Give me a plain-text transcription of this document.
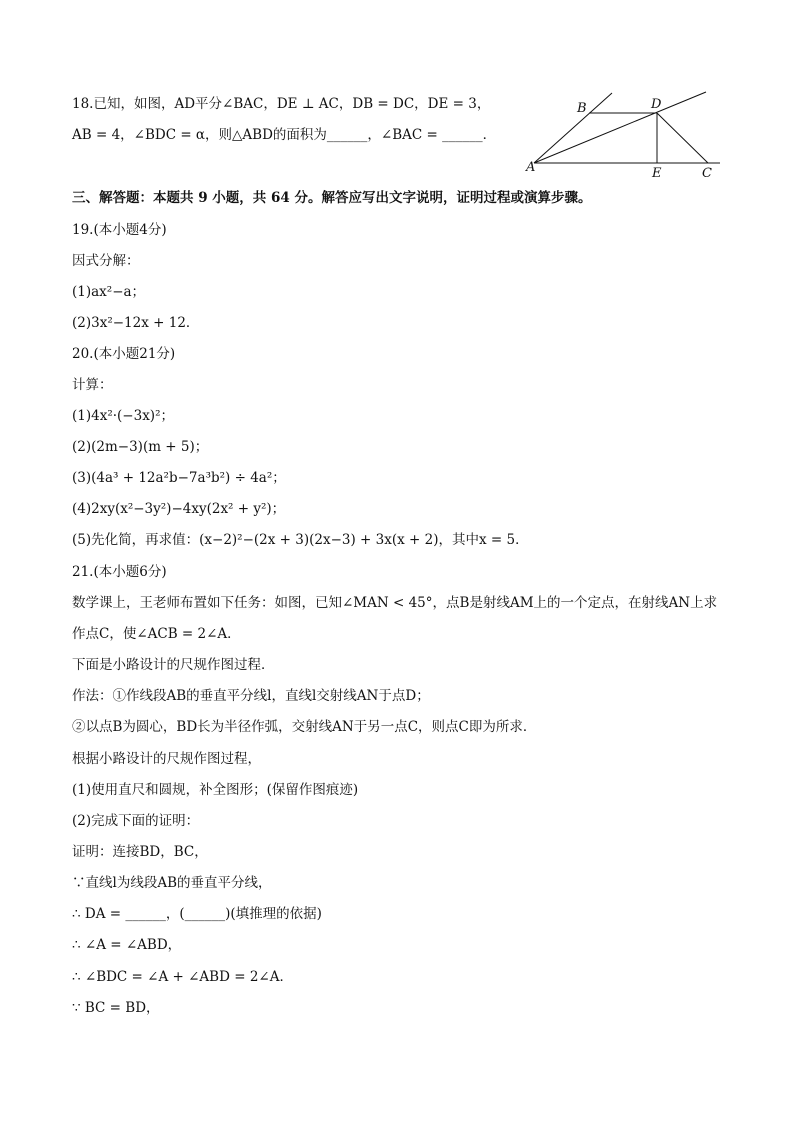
18.已知，如图，AD平分∠BAC，DE ⊥ AC，DB = DC，DE = 3，
AB = 4，∠BDC = α，则△ABD的面积为______，∠BAC = ______．
三、解答题：本题共 9 小题，共 64 分。解答应写出文字说明，证明过程或演算步骤。
19.(本小题4分)
因式分解：
(1)ax²−a；
(2)3x²−12x + 12．
20.(本小题21分)
计算：
(1)4x²·(−3x)²；
(2)(2m−3)(m + 5)；
(3)(4a³ + 12a²b−7a³b²) ÷ 4a²；
(4)2xy(x²−3y²)−4xy(2x² + y²)；
(5)先化简，再求值：(x−2)²−(2x + 3)(2x−3) + 3x(x + 2)，其中x = 5．
21.(本小题6分)
数学课上，王老师布置如下任务：如图，已知∠MAN < 45°，点B是射线AM上的一个定点，在射线AN上求
作点C，使∠ACB = 2∠A．
下面是小路设计的尺规作图过程．
作法：①作线段AB的垂直平分线l，直线l交射线AN于点D；
②以点B为圆心，BD长为半径作弧，交射线AN于另一点C，则点C即为所求．
根据小路设计的尺规作图过程，
(1)使用直尺和圆规，补全图形；(保留作图痕迹)
(2)完成下面的证明：
证明：连接BD，BC，
∵直线l为线段AB的垂直平分线，
∴ DA = ______，(______)(填推理的依据)
∴ ∠A = ∠ABD，
∴ ∠BDC = ∠A + ∠ABD = 2∠A．
∵ BC = BD，
A
B	D
E	C
